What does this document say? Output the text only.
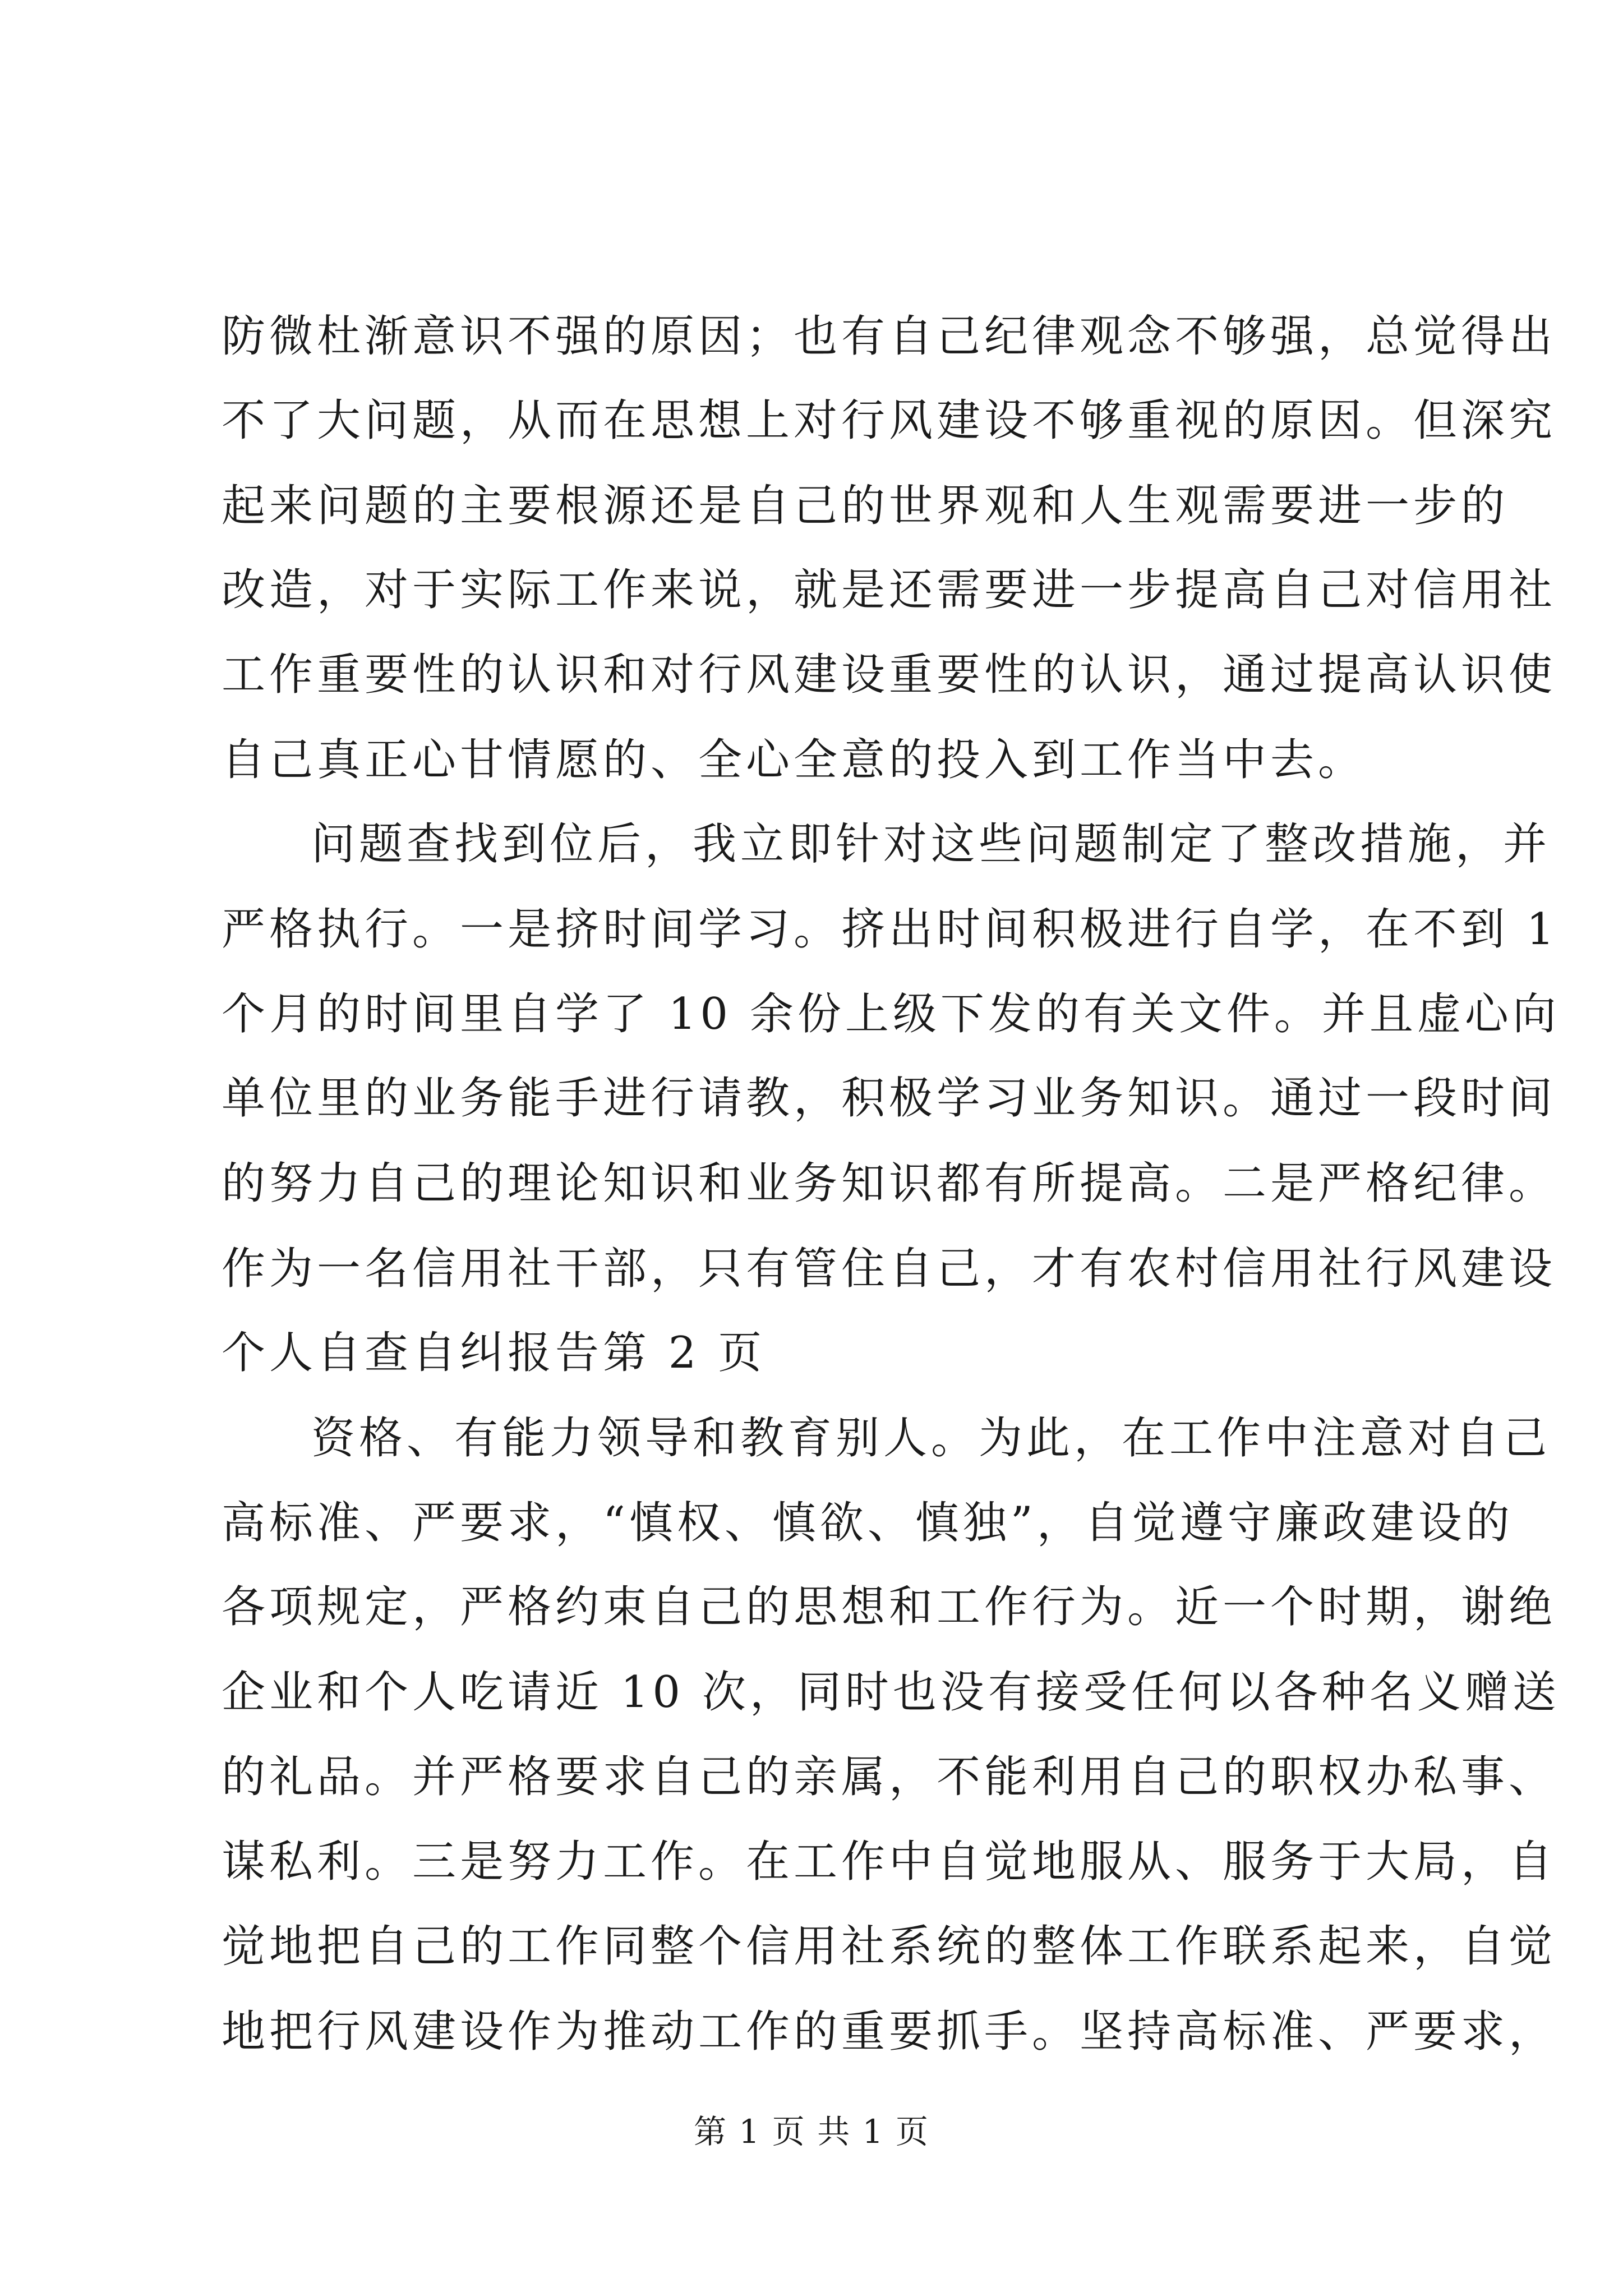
防微杜渐意识不强的原因；也有自己纪律观念不够强，总觉得出
不了大问题，从而在思想上对行风建设不够重视的原因。但深究
起来问题的主要根源还是自己的世界观和人生观需要进一步的
改造，对于实际工作来说，就是还需要进一步提高自己对信用社
工作重要性的认识和对行风建设重要性的认识，通过提高认识使
自己真正心甘情愿的、全心全意的投入到工作当中去。
问题查找到位后，我立即针对这些问题制定了整改措施，并
严格执行。一是挤时间学习。挤出时间积极进行自学，在不到 1
个月的时间里自学了 10 余份上级下发的有关文件。并且虚心向
单位里的业务能手进行请教，积极学习业务知识。通过一段时间
的努力自己的理论知识和业务知识都有所提高。二是严格纪律。
作为一名信用社干部，只有管住自己，才有农村信用社行风建设
个人自查自纠报告第 2 页
资格、有能力领导和教育别人。为此，在工作中注意对自己
高标准、严要求，“慎权、慎欲、慎独”，自觉遵守廉政建设的
各项规定，严格约束自己的思想和工作行为。近一个时期，谢绝
企业和个人吃请近 10 次，同时也没有接受任何以各种名义赠送
的礼品。并严格要求自己的亲属，不能利用自己的职权办私事、
谋私利。三是努力工作。在工作中自觉地服从、服务于大局，自
觉地把自己的工作同整个信用社系统的整体工作联系起来，自觉
地把行风建设作为推动工作的重要抓手。坚持高标准、严要求，
第 1 页 共 1 页
